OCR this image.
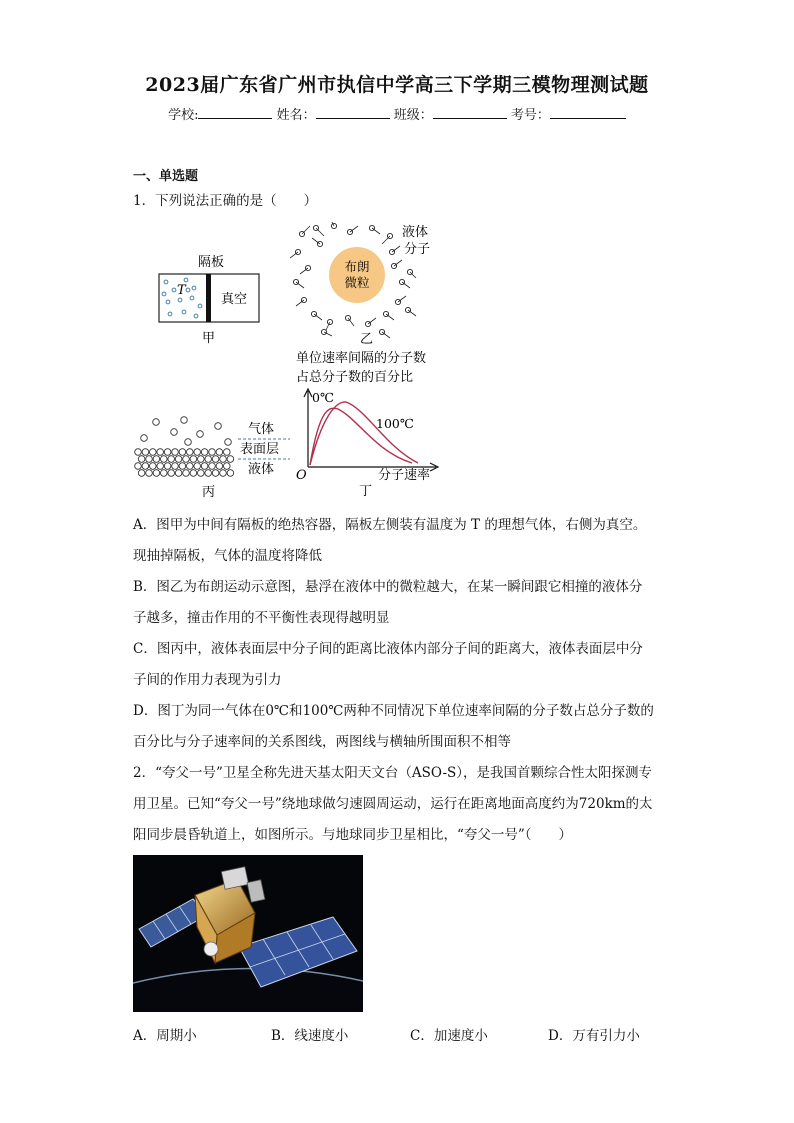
2023届广东省广州市执信中学高三下学期三模物理测试题
学校:	姓名：	班级：	考号：
一、单选题
1．下列说法正确的是（　　）
隔板
T
真空
甲
布朗
微粒
液体
分子
乙
单位速率间隔的分子数
占总分子数的百分比
0℃
100℃
O	分子速率
丁
气体
表面层
液体
丙
A．图甲为中间有隔板的绝热容器，隔板左侧装有温度为 T 的理想气体，右侧为真空。
现抽掉隔板，气体的温度将降低
B．图乙为布朗运动示意图，悬浮在液体中的微粒越大，在某一瞬间跟它相撞的液体分
子越多，撞击作用的不平衡性表现得越明显
C．图丙中，液体表面层中分子间的距离比液体内部分子间的距离大，液体表面层中分
子间的作用力表现为引力
D．图丁为同一气体在0℃和100℃两种不同情况下单位速率间隔的分子数占总分子数的
百分比与分子速率间的关系图线，两图线与横轴所围面积不相等
2．“夸父一号”卫星全称先进天基太阳天文台（ASO-S），是我国首颗综合性太阳探测专
用卫星。已知“夸父一号”绕地球做匀速圆周运动，运行在距离地面高度约为720km的太
阳同步晨昏轨道上，如图所示。与地球同步卫星相比，“夸父一号”（　　）
A．周期小	B．线速度小	C．加速度小	D．万有引力小
